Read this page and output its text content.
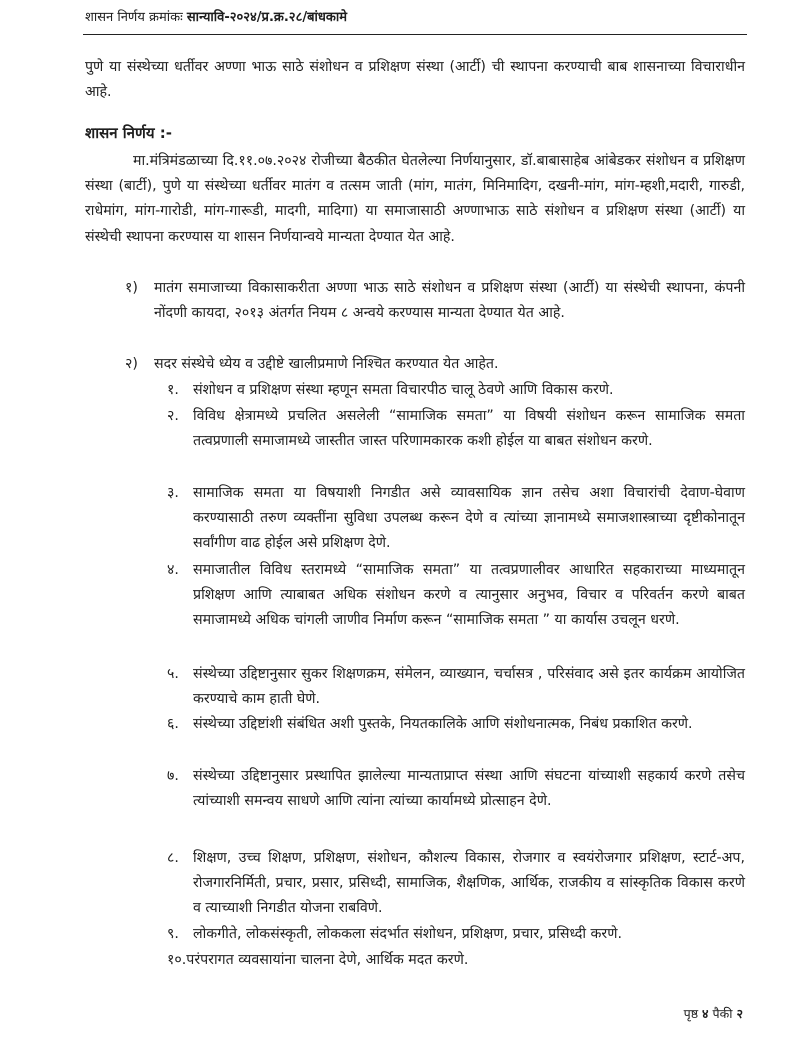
शासन निर्णय क्रमांकः सान्यावि-२०२४/प्र.क्र.२८/बांधकामे
पुणे या संस्थेच्या धर्तीवर अण्णा भाऊ साठे संशोधन व प्रशिक्षण संस्था (आर्टी) ची स्थापना करण्याची बाब शासनाच्या विचाराधीन आहे.
शासन निर्णय :-
मा.मंत्रिमंडळाच्या दि.११.०७.२०२४ रोजीच्या बैठकीत घेतलेल्या निर्णयानुसार, डॉ.बाबासाहेब आंबेडकर संशोधन व प्रशिक्षण संस्था (बार्टी), पुणे या संस्थेच्या धर्तीवर मातंग व तत्सम जाती (मांग, मातंग, मिनिमादिग, दखनी-मांग, मांग-म्हशी,मदारी, गारुडी, राधेमांग, मांग-गारोडी, मांग-गारूडी, मादगी, मादिगा) या समाजासाठी अण्णाभाऊ साठे संशोधन व प्रशिक्षण संस्था (आर्टी) या संस्थेची स्थापना करण्यास या शासन निर्णयान्वये मान्यता देण्यात येत आहे.
१) मातंग समाजाच्या विकासाकरीता अण्णा भाऊ साठे संशोधन व प्रशिक्षण संस्था (आर्टी) या संस्थेची स्थापना, कंपनी नोंदणी कायदा, २०१३ अंतर्गत नियम ८ अन्वये करण्यास मान्यता देण्यात येत आहे.
२) सदर संस्थेचे ध्येय व उद्दीष्टे खालीप्रमाणे निश्चित करण्यात येत आहेत.
१. संशोधन व प्रशिक्षण संस्था म्हणून समता विचारपीठ चालू ठेवणे आणि विकास करणे.
२. विविध क्षेत्रामध्ये प्रचलित असलेली “सामाजिक समता” या विषयी संशोधन करून सामाजिक समता तत्वप्रणाली समाजामध्ये जास्तीत जास्त परिणामकारक कशी होईल या बाबत संशोधन करणे.
३. सामाजिक समता या विषयाशी निगडीत असे व्यावसायिक ज्ञान तसेच अशा विचारांची देवाण-घेवाण करण्यासाठी तरुण व्यक्तींना सुविधा उपलब्ध करून देणे व त्यांच्या ज्ञानामध्ये समाजशास्त्राच्या दृष्टीकोनातून सर्वांगीण वाढ होईल असे प्रशिक्षण देणे.
४. समाजातील विविध स्तरामध्ये “सामाजिक समता” या तत्वप्रणालीवर आधारित सहकाराच्या माध्यमातून प्रशिक्षण आणि त्याबाबत अधिक संशोधन करणे व त्यानुसार अनुभव, विचार व परिवर्तन करणे बाबत समाजामध्ये अधिक चांगली जाणीव निर्माण करून “सामाजिक समता ” या कार्यास उचलून धरणे.
५. संस्थेच्या उद्दिष्टानुसार सुकर शिक्षणक्रम, संमेलन, व्याख्यान, चर्चासत्र , परिसंवाद असे इतर कार्यक्रम आयोजित करण्याचे काम हाती घेणे.
६. संस्थेच्या उद्दिष्टांशी संबंधित अशी पुस्तके, नियतकालिके आणि संशोधनात्मक, निबंध प्रकाशित करणे.
७. संस्थेच्या उद्दिष्टानुसार प्रस्थापित झालेल्या मान्यताप्राप्त संस्था आणि संघटना यांच्याशी सहकार्य करणे तसेच त्यांच्याशी समन्वय साधणे आणि त्यांना त्यांच्या कार्यामध्ये प्रोत्साहन देणे.
८. शिक्षण, उच्च शिक्षण, प्रशिक्षण, संशोधन, कौशल्य विकास, रोजगार व स्वयंरोजगार प्रशिक्षण, स्टार्ट-अप, रोजगारनिर्मिती, प्रचार, प्रसार, प्रसिध्दी, सामाजिक, शैक्षणिक, आर्थिक, राजकीय व सांस्कृतिक विकास करणे व त्याच्याशी निगडीत योजना राबविणे.
९. लोकगीते, लोकसंस्कृती, लोककला संदर्भात संशोधन, प्रशिक्षण, प्रचार, प्रसिध्दी करणे.
१०.परंपरागत व्यवसायांना चालना देणे, आर्थिक मदत करणे.
पृष्ठ ४ पैकी २
